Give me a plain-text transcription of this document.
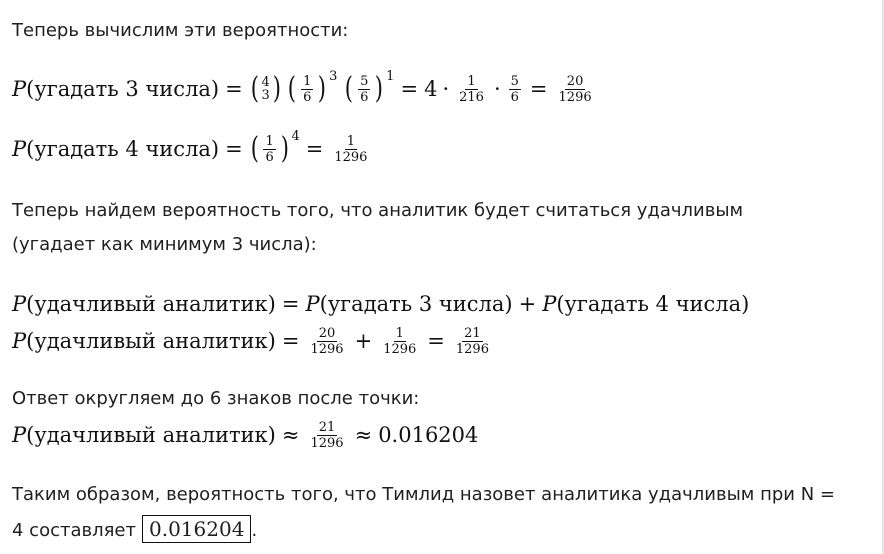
Теперь вычислим эти вероятности:
P (угадать 3 числа) = ( 4
3 ) ( $\frac{1}{6}$ ) 3 ( $\frac{5}{6}$ ) 1
= $4 \cdot \frac{1}{216} \cdot \frac{5}{6} = \frac{20}{1296}$
P (угадать 4 числа) = ( $\frac{1}{6}$ ) 4
= $\frac{1}{1296}$
Теперь найдем вероятность того, что аналитик будет считаться удачливым (угадает как минимум 3 числа):
P (удачливый аналитик) = P (угадать 3 числа) + P (угадать 4 числа)
P (удачливый аналитик) = $\frac{20}{1296} + \frac{1}{1296} = \frac{21}{1296}$
Ответ округляем до 6 знаков после точки:
P (удачливый аналитик) ≈ $\frac{21}{1296} \approx 0.016204$
Таким образом, вероятность того, что Тимлид назовет аналитика удачливым при N = 4 составляет 0.016204 .
